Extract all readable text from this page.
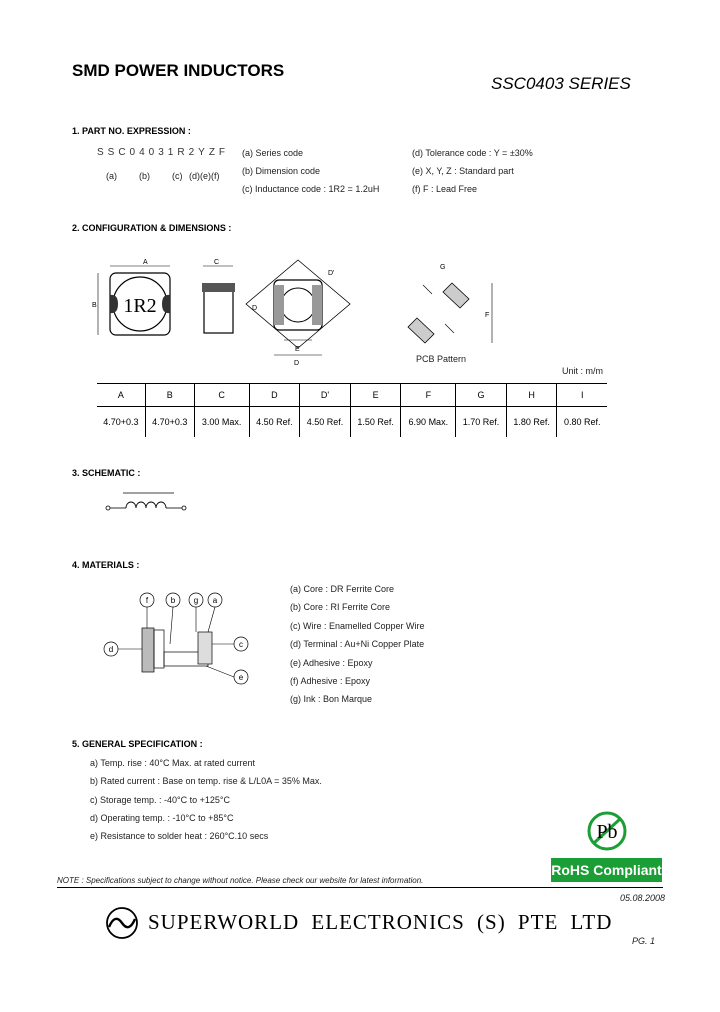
SMD POWER INDUCTORS
SSC0403 SERIES
1. PART NO. EXPRESSION :
SSC04031R2YZF
(a) (b) (c) (d)(e)(f)
(a) Series code
(b) Dimension code
(c) Inductance code : 1R2 = 1.2uH
(d) Tolerance code : Y = ±30%
(e) X, Y, Z : Standard part
(f) F : Lead Free
2. CONFIGURATION & DIMENSIONS :
1R2
A
B
C
D
D'
E
D
G
F
PCB Pattern
Unit : m/m
A	B	C	D	D'	E	F	G	H	I
4.70+0.3	4.70+0.3	3.00 Max.	4.50 Ref.	4.50 Ref.	1.50 Ref.	6.90 Max.	1.70 Ref.	1.80 Ref.	0.80 Ref.
3. SCHEMATIC :
4. MATERIALS :
f	b g a
d
c
e
(a) Core : DR Ferrite Core
(b) Core : RI Ferrite Core
(c) Wire : Enamelled Copper Wire
(d) Terminal : Au+Ni Copper Plate
(e) Adhesive : Epoxy
(f) Adhesive : Epoxy
(g) Ink : Bon Marque
5. GENERAL SPECIFICATION :
a) Temp. rise : 40°C Max. at rated current
b) Rated current : Base on temp. rise & L/L0A = 35% Max.
c) Storage temp. : -40°C to +125°C
d) Operating temp. : -10°C to +85°C
e) Resistance to solder heat : 260°C.10 secs	Pb
RoHS Compliant
NOTE : Specifications subject to change without notice. Please check our website for latest information.
05.08.2008
SUPERWORLD ELECTRONICS (S) PTE LTD
PG. 1
